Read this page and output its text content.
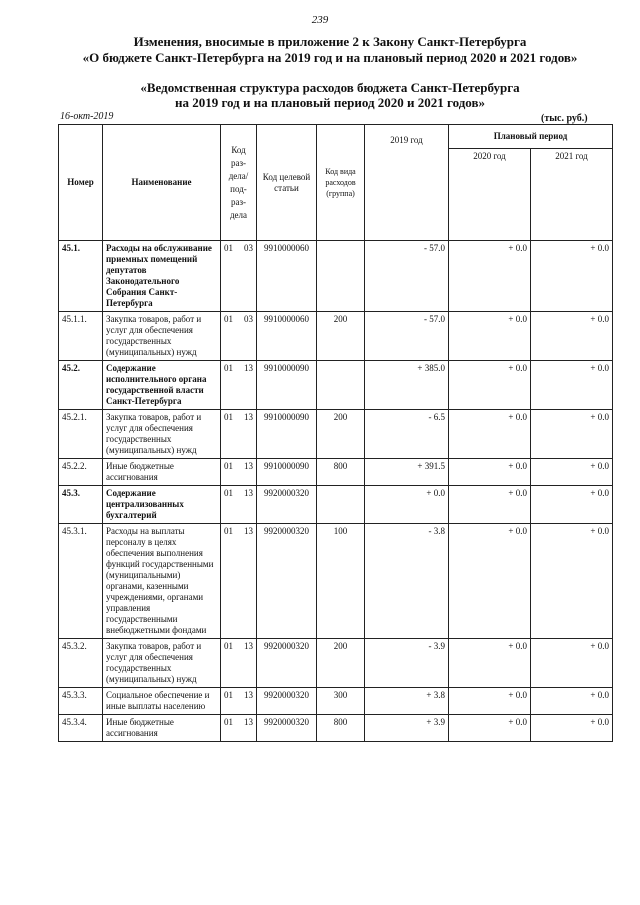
239
Изменения, вносимые в приложение 2 к Закону Санкт-Петербурга
«О бюджете Санкт-Петербурга на 2019 год и на плановый период 2020 и 2021 годов»
«Ведомственная структура расходов бюджета Санкт-Петербурга
на 2019 год и на плановый период 2020 и 2021 годов»
16-окт-2019	(тыс. руб.)
Номер	Наименование	Код раз- дела/ под- раз- дела	Код целевой статьи	Код вида расходов (группа)	2019 год	Плановый период	
						2020 год	2021 год
45.1.	Расходы на обслуживание приемных помещений депутатов Законодательного Собрания Санкт-Петербурга	01 03	9910000060		- 57.0	+ 0.0	+ 0.0
45.1.1.	Закупка товаров, работ и услуг для обеспечения государственных (муниципальных) нужд	01 03	9910000060	200	- 57.0	+ 0.0	+ 0.0
45.2.	Содержание исполнительного органа государственной власти Санкт-Петербурга	01 13	9910000090		+ 385.0	+ 0.0	+ 0.0
45.2.1.	Закупка товаров, работ и услуг для обеспечения государственных (муниципальных) нужд	01 13	9910000090	200	- 6.5	+ 0.0	+ 0.0
45.2.2.	Иные бюджетные ассигнования	01 13	9910000090	800	+ 391.5	+ 0.0	+ 0.0
45.3.	Содержание централизованных бухгалтерий	01 13	9920000320		+ 0.0	+ 0.0	+ 0.0
45.3.1.	Расходы на выплаты персоналу в целях обеспечения выполнения функций государственными (муниципальными) органами, казенными учреждениями, органами управления государственными внебюджетными фондами	01 13	9920000320	100	- 3.8	+ 0.0	+ 0.0
45.3.2.	Закупка товаров, работ и услуг для обеспечения государственных (муниципальных) нужд	01 13	9920000320	200	- 3.9	+ 0.0	+ 0.0
45.3.3.	Социальное обеспечение и иные выплаты населению	01 13	9920000320	300	+ 3.8	+ 0.0	+ 0.0
45.3.4.	Иные бюджетные ассигнования	01 13	9920000320	800	+ 3.9	+ 0.0	+ 0.0
